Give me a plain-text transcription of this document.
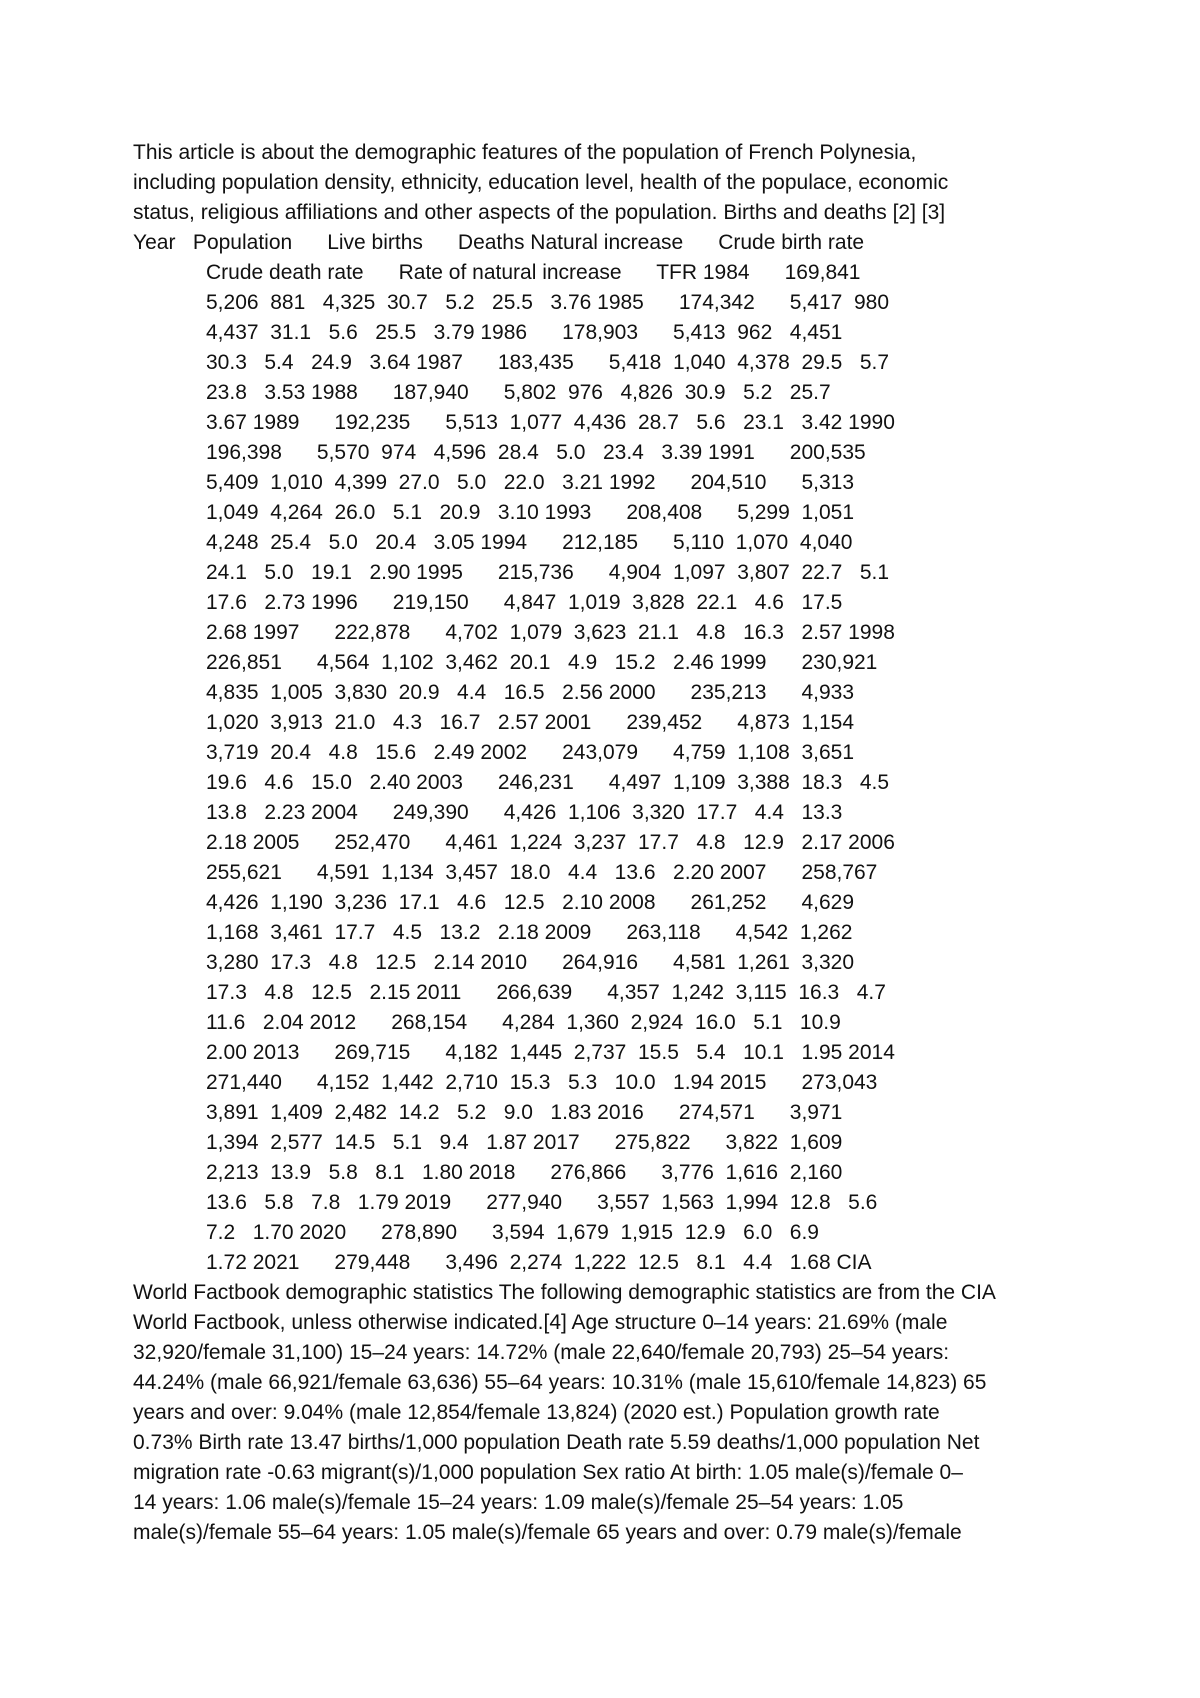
This article is about the demographic features of the population of French Polynesia,

including population density, ethnicity, education level, health of the populace, economic

status, religious affiliations and other aspects of the population. Births and deaths [2] [3]

Year   Population      Live births      Deaths Natural increase      Crude birth rate

Crude death rate      Rate of natural increase      TFR 1984      169,841

5,206  881   4,325  30.7   5.2   25.5   3.76 1985      174,342      5,417  980

4,437  31.1   5.6   25.5   3.79 1986      178,903      5,413  962   4,451

30.3   5.4   24.9   3.64 1987      183,435      5,418  1,040  4,378  29.5   5.7

23.8   3.53 1988      187,940      5,802  976   4,826  30.9   5.2   25.7

3.67 1989      192,235      5,513  1,077  4,436  28.7   5.6   23.1   3.42 1990

196,398      5,570  974   4,596  28.4   5.0   23.4   3.39 1991      200,535

5,409  1,010  4,399  27.0   5.0   22.0   3.21 1992      204,510      5,313

1,049  4,264  26.0   5.1   20.9   3.10 1993      208,408      5,299  1,051

4,248  25.4   5.0   20.4   3.05 1994      212,185      5,110  1,070  4,040

24.1   5.0   19.1   2.90 1995      215,736      4,904  1,097  3,807  22.7   5.1

17.6   2.73 1996      219,150      4,847  1,019  3,828  22.1   4.6   17.5

2.68 1997      222,878      4,702  1,079  3,623  21.1   4.8   16.3   2.57 1998

226,851      4,564  1,102  3,462  20.1   4.9   15.2   2.46 1999      230,921

4,835  1,005  3,830  20.9   4.4   16.5   2.56 2000      235,213      4,933

1,020  3,913  21.0   4.3   16.7   2.57 2001      239,452      4,873  1,154

3,719  20.4   4.8   15.6   2.49 2002      243,079      4,759  1,108  3,651

19.6   4.6   15.0   2.40 2003      246,231      4,497  1,109  3,388  18.3   4.5

13.8   2.23 2004      249,390      4,426  1,106  3,320  17.7   4.4   13.3

2.18 2005      252,470      4,461  1,224  3,237  17.7   4.8   12.9   2.17 2006

255,621      4,591  1,134  3,457  18.0   4.4   13.6   2.20 2007      258,767

4,426  1,190  3,236  17.1   4.6   12.5   2.10 2008      261,252      4,629

1,168  3,461  17.7   4.5   13.2   2.18 2009      263,118      4,542  1,262

3,280  17.3   4.8   12.5   2.14 2010      264,916      4,581  1,261  3,320

17.3   4.8   12.5   2.15 2011      266,639      4,357  1,242  3,115  16.3   4.7

11.6   2.04 2012      268,154      4,284  1,360  2,924  16.0   5.1   10.9

2.00 2013      269,715      4,182  1,445  2,737  15.5   5.4   10.1   1.95 2014

271,440      4,152  1,442  2,710  15.3   5.3   10.0   1.94 2015      273,043

3,891  1,409  2,482  14.2   5.2   9.0   1.83 2016      274,571      3,971

1,394  2,577  14.5   5.1   9.4   1.87 2017      275,822      3,822  1,609

2,213  13.9   5.8   8.1   1.80 2018      276,866      3,776  1,616  2,160

13.6   5.8   7.8   1.79 2019      277,940      3,557  1,563  1,994  12.8   5.6

7.2   1.70 2020      278,890      3,594  1,679  1,915  12.9   6.0   6.9

1.72 2021      279,448      3,496  2,274  1,222  12.5   8.1   4.4   1.68 CIA

World Factbook demographic statistics The following demographic statistics are from the CIA

World Factbook, unless otherwise indicated.[4] Age structure 0–14 years: 21.69% (male

32,920/female 31,100) 15–24 years: 14.72% (male 22,640/female 20,793) 25–54 years:

44.24% (male 66,921/female 63,636) 55–64 years: 10.31% (male 15,610/female 14,823) 65

years and over: 9.04% (male 12,854/female 13,824) (2020 est.) Population growth rate

0.73% Birth rate 13.47 births/1,000 population Death rate 5.59 deaths/1,000 population Net

migration rate -0.63 migrant(s)/1,000 population Sex ratio At birth: 1.05 male(s)/female 0–

14 years: 1.06 male(s)/female 15–24 years: 1.09 male(s)/female 25–54 years: 1.05

male(s)/female 55–64 years: 1.05 male(s)/female 65 years and over: 0.79 male(s)/female
